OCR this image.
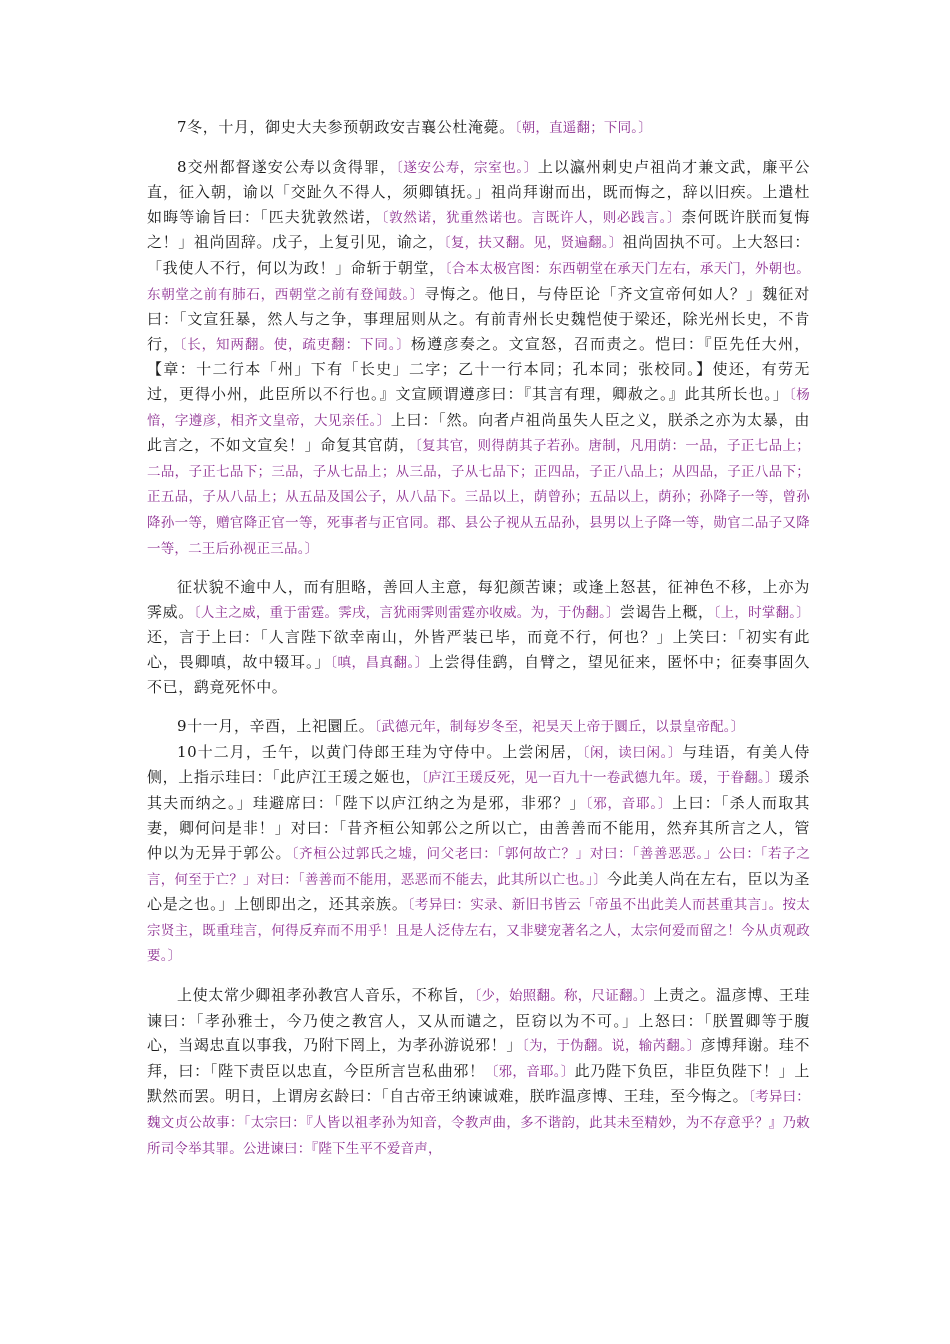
7冬，十月，御史大夫参预朝政安吉襄公杜淹薨。〔朝，直遥翻；下同。〕

8交州都督遂安公寿以贪得罪，〔遂安公寿，宗室也。〕上以瀛州刺史卢祖尚才兼文武，廉平公直，征入朝，谕以「交趾久不得人，须卿镇抚。」祖尚拜谢而出，既而悔之，辞以旧疾。上遣杜如晦等谕旨曰：「匹夫犹敦然诺，〔敦然诺，犹重然诺也。言既许人，则必践言。〕柰何既许朕而复悔之！」祖尚固辞。戊子，上复引见，谕之，〔复，扶又翻。见，贤遍翻。〕祖尚固执不可。上大怒曰：「我使人不行，何以为政！」命斩于朝堂，〔合本太极宫图：东西朝堂在承天门左右，承天门，外朝也。东朝堂之前有肺石，西朝堂之前有登闻鼓。〕寻悔之。他日，与侍臣论「齐文宣帝何如人？」魏征对曰：「文宣狂暴，然人与之争，事理屈则从之。有前青州长史魏恺使于梁还，除光州长史，不肯行，〔长，知两翻。使，疏吏翻：下同。〕杨遵彦奏之。文宣怒，召而责之。恺曰：『臣先任大州，【章：十二行本「州」下有「长史」二字；乙十一行本同；孔本同；张校同。】使还，有劳无过，更得小州，此臣所以不行也。』文宣顾谓遵彦曰：『其言有理，卿赦之。』此其所长也。」〔杨愔，字遵彦，相齐文皇帝，大见亲任。〕上曰：「然。向者卢祖尚虽失人臣之义，朕杀之亦为太暴，由此言之，不如文宣矣！」命复其官荫，〔复其官，则得荫其子若孙。唐制，凡用荫：一品，子正七品上；二品，子正七品下；三品，子从七品上；从三品，子从七品下；正四品，子正八品上；从四品，子正八品下；正五品，子从八品上；从五品及国公子，从八品下。三品以上，荫曾孙；五品以上，荫孙；孙降子一等，曾孙降孙一等，赠官降正官一等，死事者与正官同。郡、县公子视从五品孙，县男以上子降一等，勋官二品子又降一等，二王后孙视正三品。〕

征状貌不逾中人，而有胆略，善回人主意，每犯颜苦谏；或逢上怒甚，征神色不移，上亦为霁威。〔人主之威，重于雷霆。霁戌，言犹雨霁则雷霆亦收威。为，于伪翻。〕尝谒告上穊，〔上，时掌翻。〕还，言于上曰：「人言陛下欲幸南山，外皆严装已毕，而竟不行，何也？」上笑曰：「初实有此心，畏卿嗔，故中辍耳。」〔嗔，昌真翻。〕上尝得佳鹞，自臂之，望见征来，匿怀中；征奏事固久不已，鹞竟死怀中。

9十一月，辛酉，上祀圜丘。〔武德元年，制每岁冬至，祀昊天上帝于圜丘，以景皇帝配。〕

10十二月，壬午，以黄门侍郎王珪为守侍中。上尝闲居，〔闲，读曰闲。〕与珪语，有美人侍侧，上指示珪曰：「此庐江王瑗之姬也，〔庐江王瑗反死，见一百九十一卷武德九年。瑗，于眷翻。〕瑗杀其夫而纳之。」珪避席曰：「陛下以庐江纳之为是邪，非邪？」〔邪，音耶。〕上曰：「杀人而取其妻，卿何问是非！」对曰：「昔齐桓公知郭公之所以亡，由善善而不能用，然弃其所言之人，管仲以为无异于郭公。〔齐桓公过郭氏之墟，问父老曰：「郭何故亡？」对曰：「善善恶恶。」公曰：「若子之言，何至于亡？」对曰：「善善而不能用，恶恶而不能去，此其所以亡也。」〕今此美人尚在左右，臣以为圣心是之也。」上刨即出之，还其亲族。〔考异曰：实录、新旧书皆云「帝虽不出此美人而甚重其言」。按太宗贤主，既重珪言，何得反弃而不用乎！且是人泛侍左右，又非嬖宠著名之人，太宗何爱而留之！今从贞观政要。〕

上使太常少卿祖孝孙教宫人音乐，不称旨，〔少，始照翻。称，尺证翻。〕上责之。温彦博、王珪谏曰：「孝孙雅士，今乃使之教宫人，又从而谴之，臣窃以为不可。」上怒曰：「朕置卿等于腹心，当竭忠直以事我，乃附下罔上，为孝孙游说邪！」〔为，于伪翻。说，输芮翻。〕彦博拜谢。珪不拜，曰：「陛下责臣以忠直，今臣所言岂私曲邪！〔邪，音耶。〕此乃陛下负臣，非臣负陛下！」上默然而罢。明日，上谓房玄龄曰：「自古帝王纳谏诚难，朕昨温彦博、王珪，至今悔之。〔考异曰：魏文贞公故事：「太宗曰：『人皆以祖孝孙为知音，令教声曲，多不谐韵，此其未至精妙，为不存意乎？』乃敕所司令举其罪。公进谏曰：『陛下生平不爱音声，
